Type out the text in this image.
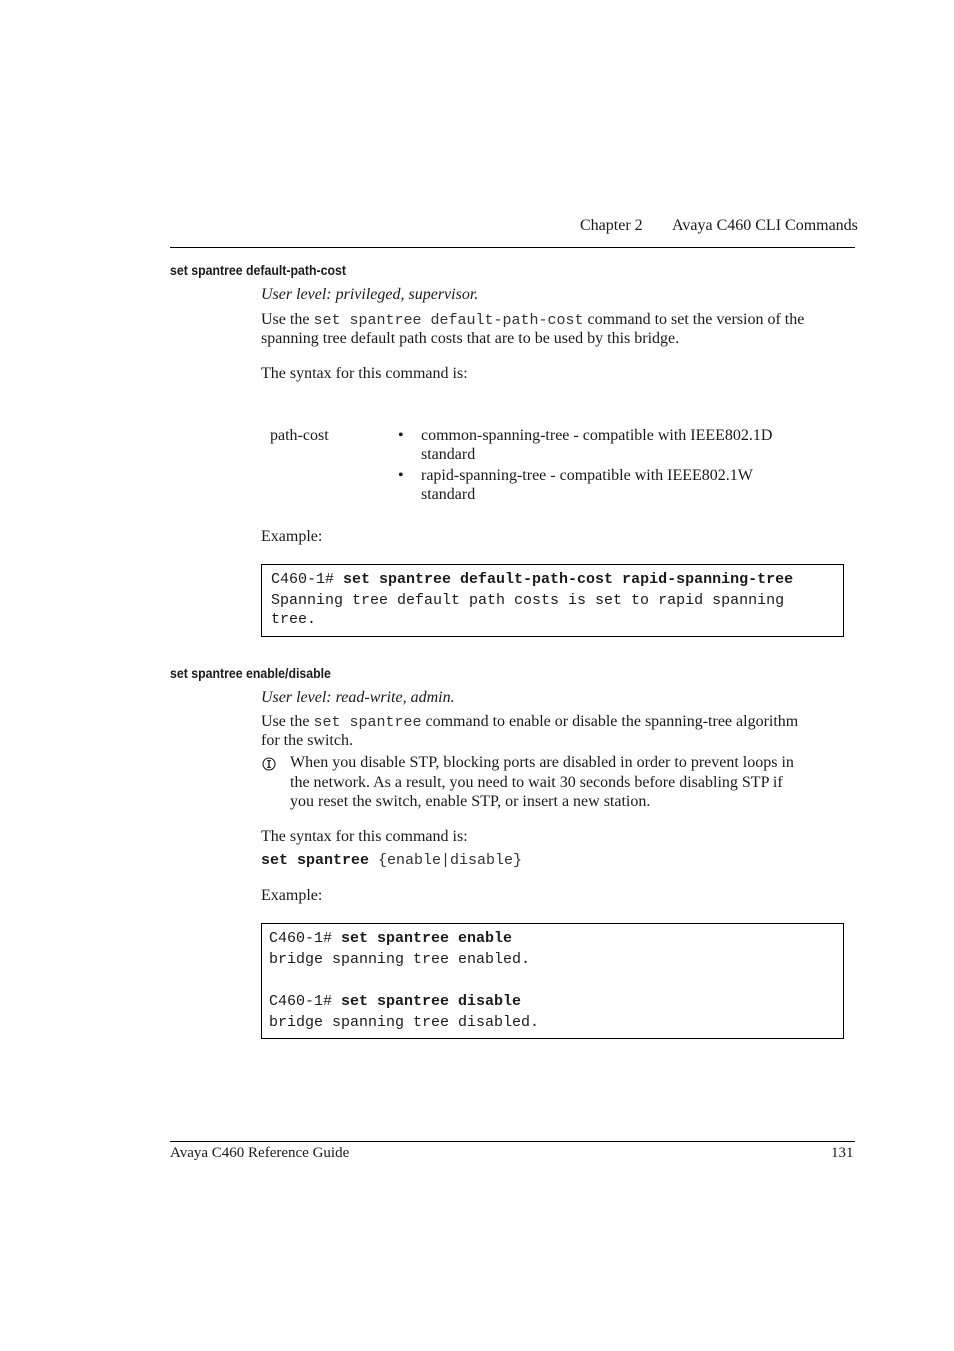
Chapter 2 Avaya C460 CLI Commands
set spantree default-path-cost
User level: privileged, supervisor.
Use the set spantree default-path-cost command to set the version of the
spanning tree default path costs that are to be used by this bridge.
The syntax for this command is:
path-cost	• common-spanning-tree - compatible with IEEE802.1D
standard
• rapid-spanning-tree - compatible with IEEE802.1W
standard
Example:
C460-1# set spantree default-path-cost rapid-spanning-tree
Spanning tree default path costs is set to rapid spanning
tree.
set spantree enable/disable
User level: read-write, admin.
Use the set spantree command to enable or disable the spanning-tree algorithm
for the switch.
When you disable STP, blocking ports are disabled in order to prevent loops in
the network. As a result, you need to wait 30 seconds before disabling STP if
you reset the switch, enable STP, or insert a new station.
The syntax for this command is:
set spantree {enable|disable}
Example:
C460-1# set spantree enable
bridge spanning tree enabled.
C460-1# set spantree disable
bridge spanning tree disabled.
Avaya C460 Reference Guide	131
